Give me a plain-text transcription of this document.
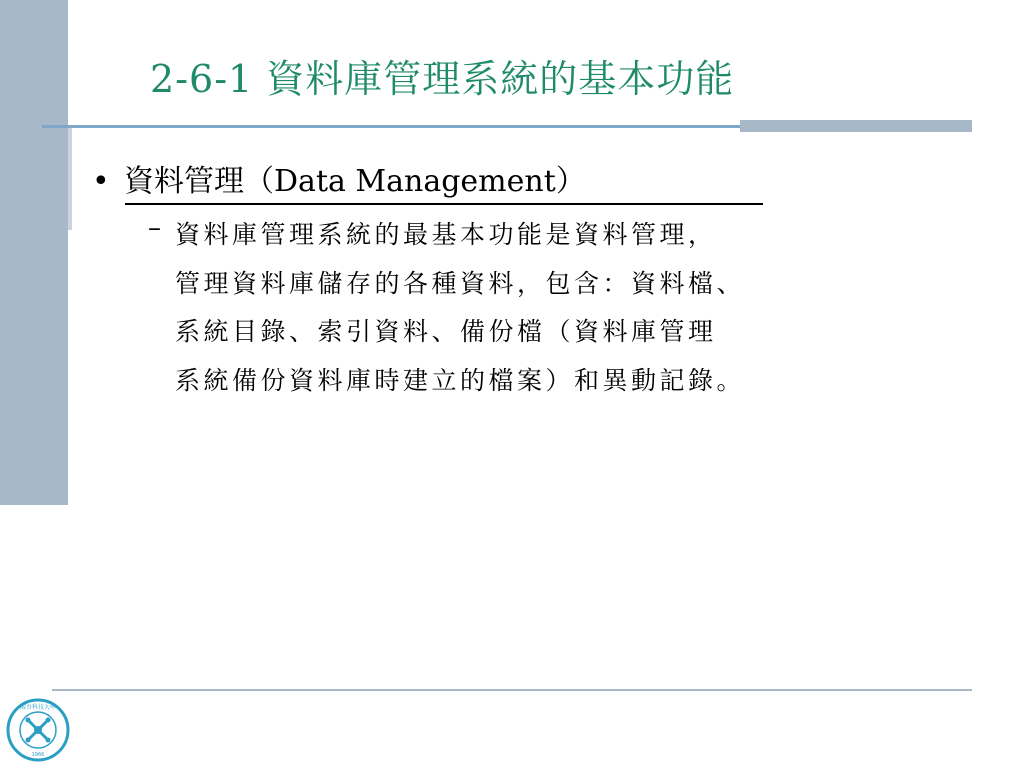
2-6-1 資料庫管理系統的基本功能
• 資料管理（Data Management）
– 資料庫管理系統的最基本功能是資料管理，
管理資料庫儲存的各種資料，包含：資料檔、
系統目錄、索引資料、備份檔（資料庫管理
系統備份資料庫時建立的檔案）和異動記錄。
醒吾科技大學
1966
